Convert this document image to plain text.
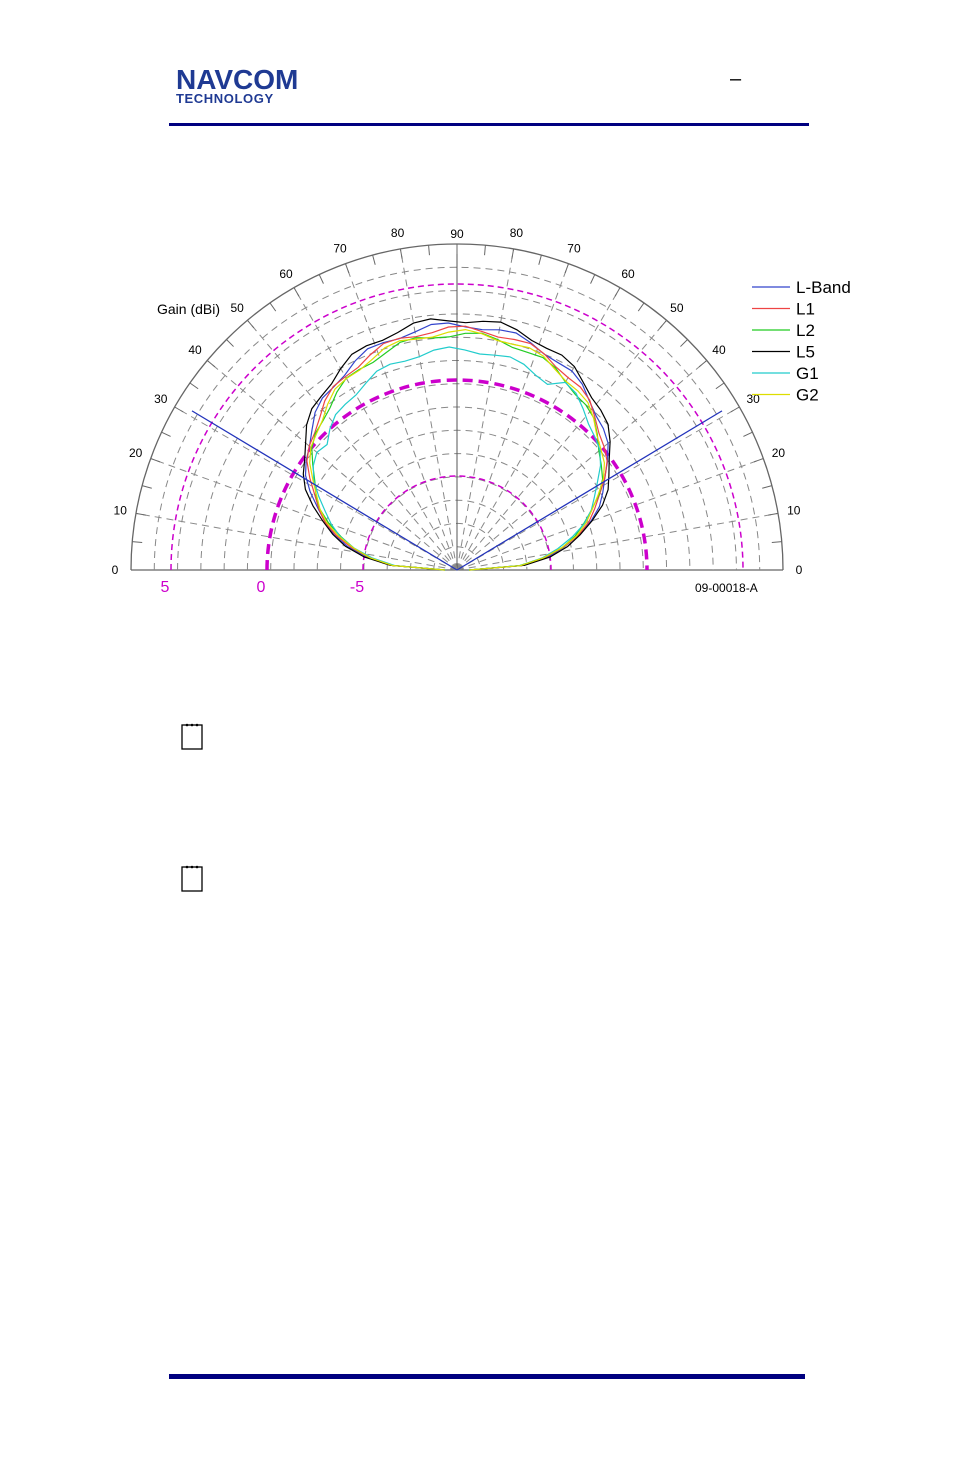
NAVCOM
TECHNOLOGY
–
0
10
20
30
40
50
60
70
80	90	80
70
60
50
40
30
20
10
0
Gain (dBi)
5	0	-5	09-00018-A
L-Band
L1
L2
L5
G1
G2
